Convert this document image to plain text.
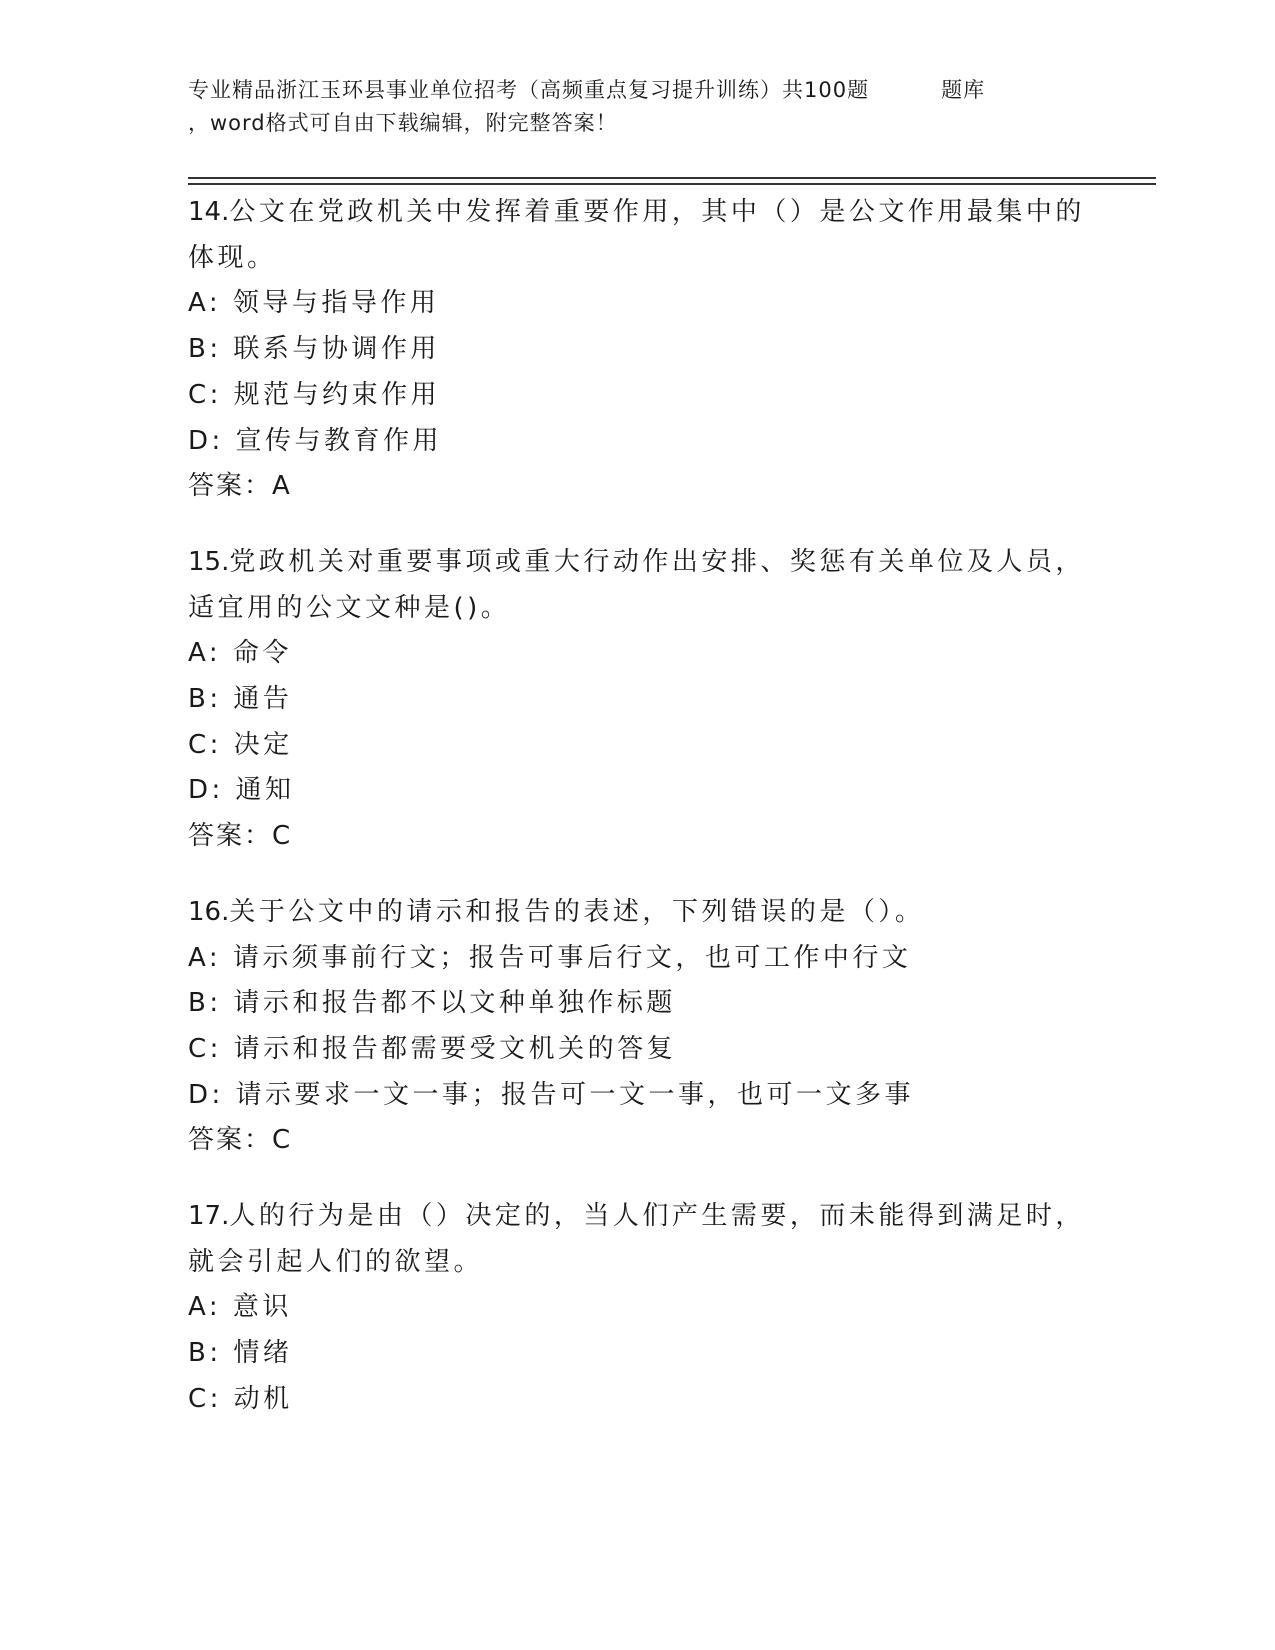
专业精品浙江玉环县事业单位招考（高频重点复习提升训练）共100题	题库
，word格式可自由下载编辑，附完整答案！
14.公文在党政机关中发挥着重要作用，其中（）是公文作用最集中的
体现。
A: 领导与指导作用
B: 联系与协调作用
C: 规范与约束作用
D: 宣传与教育作用
答案：A
15.党政机关对重要事项或重大行动作出安排、奖惩有关单位及人员，
适宜用的公文文种是()。
A: 命令
B: 通告
C: 决定
D: 通知
答案：C
16.关于公文中的请示和报告的表述，下列错误的是（）。
A: 请示须事前行文；报告可事后行文，也可工作中行文
B: 请示和报告都不以文种单独作标题
C: 请示和报告都需要受文机关的答复
D: 请示要求一文一事；报告可一文一事，也可一文多事
答案：C
17.人的行为是由（）决定的，当人们产生需要，而未能得到满足时，
就会引起人们的欲望。
A: 意识
B: 情绪
C: 动机
